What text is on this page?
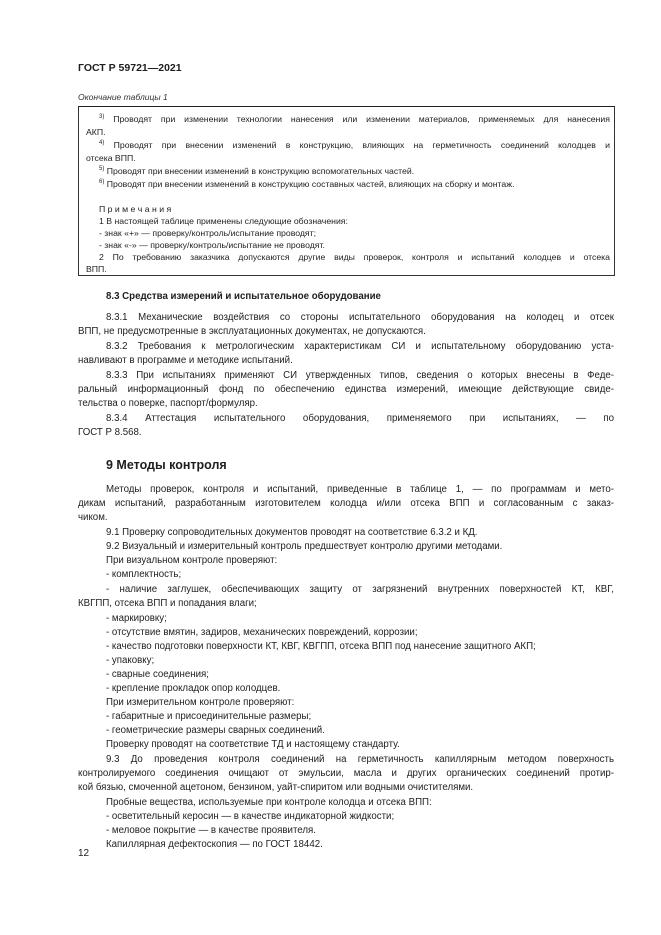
ГОСТ Р 59721—2021
Окончание таблицы 1
$^{3)}$ Проводят при изменении технологии нанесения или изменении материалов, применяемых для нанесения
АКП.
$^{4)}$ Проводят при внесении изменений в конструкцию, влияющих на герметичность соединений колодцев и
отсека ВПП.
$^{5)}$ Проводят при внесении изменений в конструкцию вспомогательных частей.
$^{6)}$ Проводят при внесении изменений в конструкцию составных частей, влияющих на сборку и монтаж.
П р и м е ч а н и я
1 В настоящей таблице применены следующие обозначения:
- знак «+» — проверку/контроль/испытание проводят;
- знак «-» — проверку/контроль/испытание не проводят.
2 По требованию заказчика допускаются другие виды проверок, контроля и испытаний колодцев и отсека
ВПП.
8.3 Средства измерений и испытательное оборудование
8.3.1 Механические воздействия со стороны испытательного оборудования на колодец и отсек
ВПП, не предусмотренные в эксплуатационных документах, не допускаются.
8.3.2 Требования к метрологическим характеристикам СИ и испытательному оборудованию уста-
навливают в программе и методике испытаний.
8.3.3 При испытаниях применяют СИ утвержденных типов, сведения о которых внесены в Феде-
ральный информационный фонд по обеспечению единства измерений, имеющие действующие свиде-
тельства о поверке, паспорт/формуляр.
8.3.4 Аттестация испытательного оборудования, применяемого при испытаниях, — по
ГОСТ Р 8.568.
9 Методы контроля
Методы проверок, контроля и испытаний, приведенные в таблице 1, — по программам и мето-
дикам испытаний, разработанным изготовителем колодца и/или отсека ВПП и согласованным с заказ-
чиком.
9.1 Проверку сопроводительных документов проводят на соответствие 6.3.2 и КД.
9.2 Визуальный и измерительный контроль предшествует контролю другими методами.
При визуальном контроле проверяют:
- комплектность;
- наличие заглушек, обеспечивающих защиту от загрязнений внутренних поверхностей КТ, КВГ,
КВГПП, отсека ВПП и попадания влаги;
- маркировку;
- отсутствие вмятин, задиров, механических повреждений, коррозии;
- качество подготовки поверхности КТ, КВГ, КВГПП, отсека ВПП под нанесение защитного АКП;
- упаковку;
- сварные соединения;
- крепление прокладок опор колодцев.
При измерительном контроле проверяют:
- габаритные и присоединительные размеры;
- геометрические размеры сварных соединений.
Проверку проводят на соответствие ТД и настоящему стандарту.
9.3 До проведения контроля соединений на герметичность капиллярным методом поверхность
контролируемого соединения очищают от эмульсии, масла и других органических соединений протир-
кой бязью, смоченной ацетоном, бензином, уайт-спиритом или водными очистителями.
Пробные вещества, используемые при контроле колодца и отсека ВПП:
- осветительный керосин — в качестве индикаторной жидкости;
- меловое покрытие — в качестве проявителя.
Капиллярная дефектоскопия — по ГОСТ 18442.
12
